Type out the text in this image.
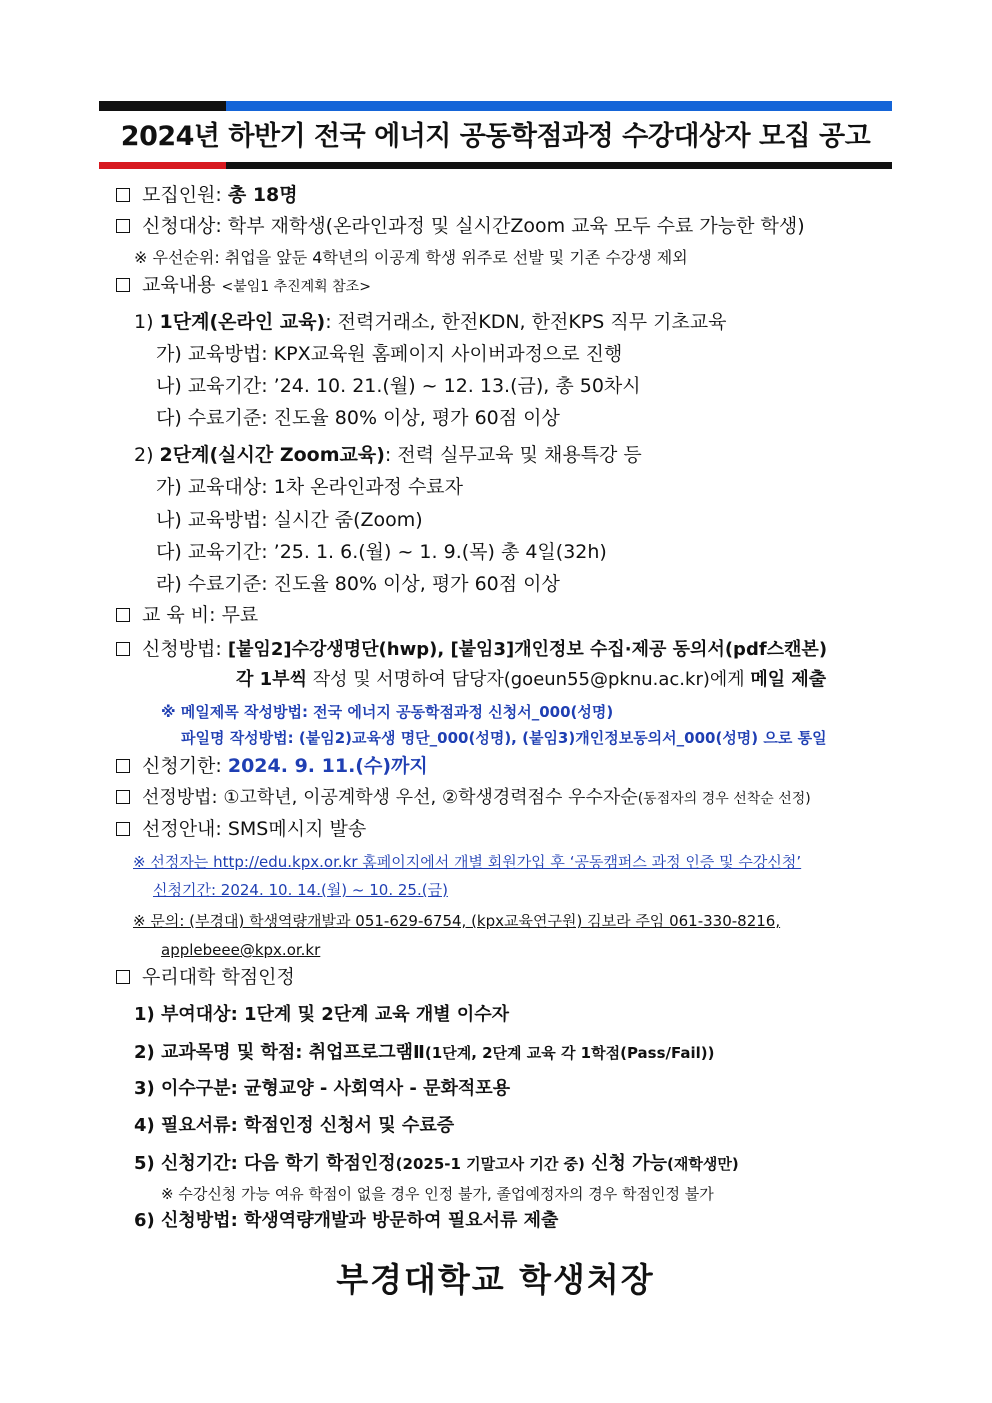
2024년 하반기 전국 에너지 공동학점과정 수강대상자 모집 공고
모집인원: 총 18명
신청대상: 학부 재학생(온라인과정 및 실시간Zoom 교육 모두 수료 가능한 학생)
※ 우선순위: 취업을 앞둔 4학년의 이공계 학생 위주로 선발 및 기존 수강생 제외
교육내용 <붙임1 추진계획 참조>
1) 1단계(온라인 교육): 전력거래소, 한전KDN, 한전KPS 직무 기초교육
가) 교육방법: KPX교육원 홈페이지 사이버과정으로 진행
나) 교육기간: ’24. 10. 21.(월) ~ 12. 13.(금), 총 50차시
다) 수료기준: 진도율 80% 이상, 평가 60점 이상
2) 2단계(실시간 Zoom교육): 전력 실무교육 및 채용특강 등
가) 교육대상: 1차 온라인과정 수료자
나) 교육방법: 실시간 줌(Zoom)
다) 교육기간: ’25. 1. 6.(월) ~ 1. 9.(목) 총 4일(32h)
라) 수료기준: 진도율 80% 이상, 평가 60점 이상
교 육 비: 무료
신청방법: [붙임2]수강생명단(hwp), [붙임3]개인정보 수집·제공 동의서(pdf스캔본)
각 1부씩 작성 및 서명하여 담당자(goeun55@pknu.ac.kr)에게 메일 제출
※ 메일제목 작성방법: 전국 에너지 공동학점과정 신청서_000(성명)
파일명 작성방법: (붙임2)교육생 명단_000(성명), (붙임3)개인정보동의서_000(성명) 으로 통일
신청기한: 2024. 9. 11.(수)까지
선정방법: ①고학년, 이공계학생 우선, ②학생경력점수 우수자순(동점자의 경우 선착순 선정)
선정안내: SMS메시지 발송
※ 선정자는 http://edu.kpx.or.kr 홈페이지에서 개별 회원가입 후 ‘공동캠퍼스 과정 인증 및 수강신청’
신청기간: 2024. 10. 14.(월) ~ 10. 25.(금)
※ 문의: (부경대) 학생역량개발과 051-629-6754, (kpx교육연구원) 김보라 주임 061-330-8216,
applebeee@kpx.or.kr
우리대학 학점인정
1) 부여대상: 1단계 및 2단계 교육 개별 이수자
2) 교과목명 및 학점: 취업프로그램Ⅱ(1단계, 2단계 교육 각 1학점(Pass/Fail))
3) 이수구분: 균형교양 - 사회역사 - 문화적포용
4) 필요서류: 학점인정 신청서 및 수료증
5) 신청기간: 다음 학기 학점인정(2025-1 기말고사 기간 중) 신청 가능(재학생만)
※ 수강신청 가능 여유 학점이 없을 경우 인정 불가, 졸업예정자의 경우 학점인정 불가
6) 신청방법: 학생역량개발과 방문하여 필요서류 제출
부경대학교 학생처장
